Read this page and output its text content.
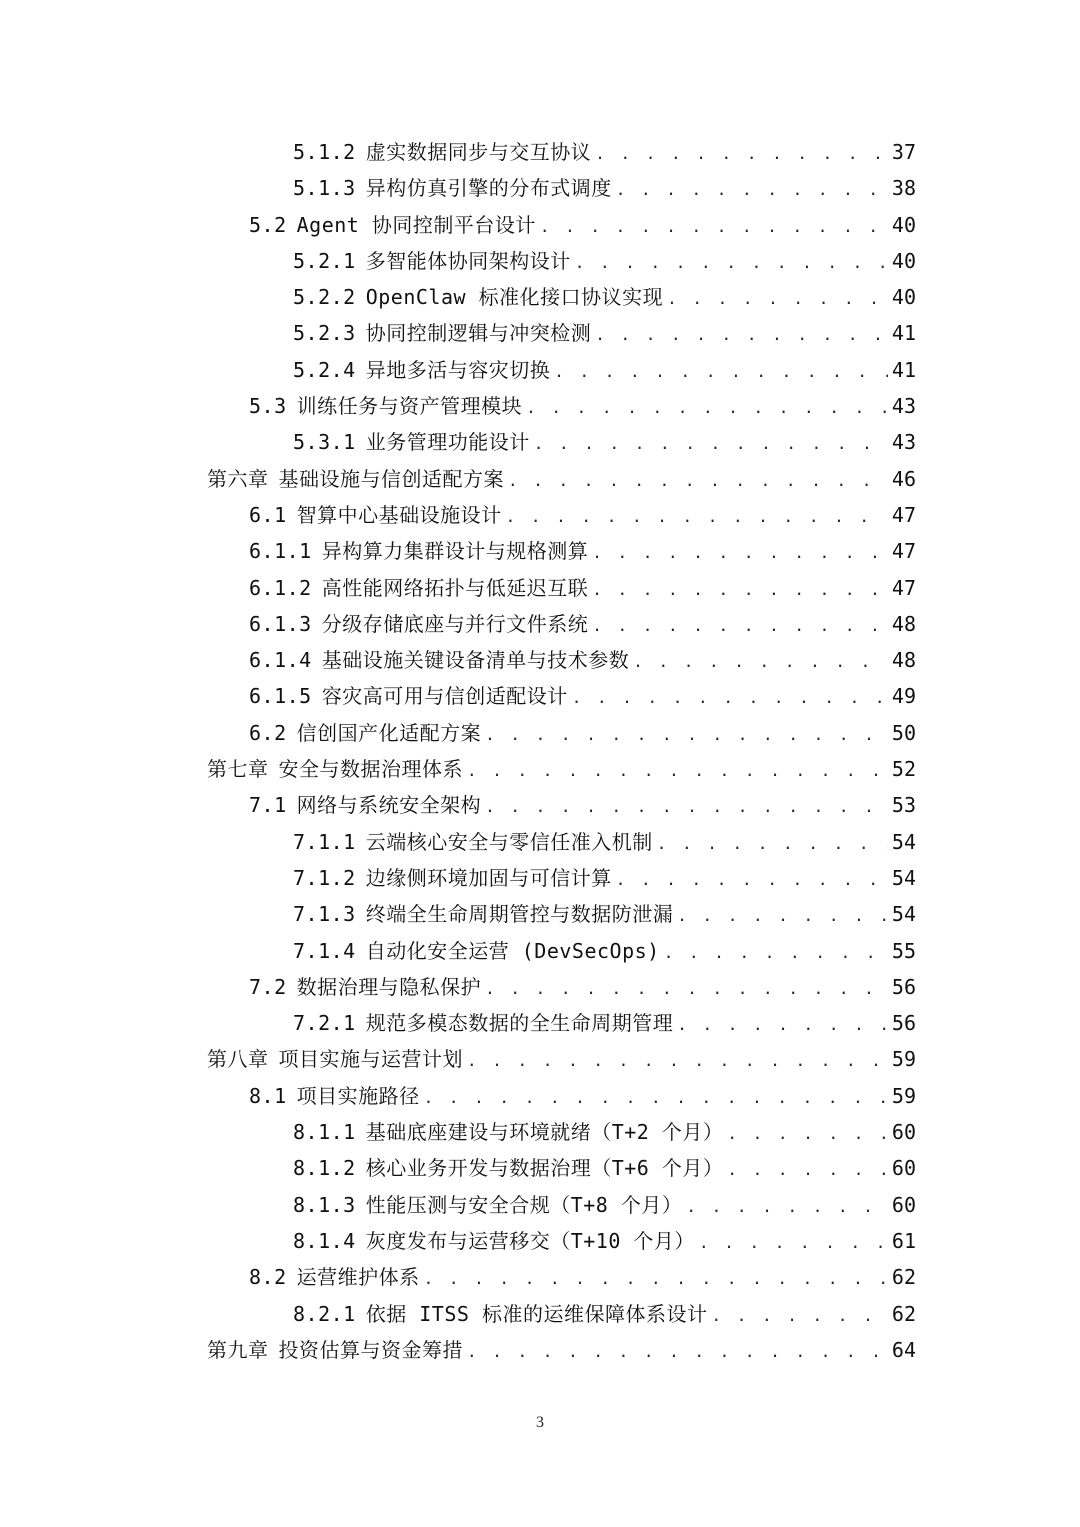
5.1.2 虚实数据同步与交互协议 . . .	37
5.1.3 异构仿真引擎的分布式调度 . . .	38
5.2 Agent 协同控制平台设计 . . .	40
5.2.1 多智能体协同架构设计 . . .	40
5.2.2 OpenClaw 标准化接口协议实现 . . .	40
5.2.3 协同控制逻辑与冲突检测 . . .	41
5.2.4 异地多活与容灾切换 . . .	41
5.3 训练任务与资产管理模块 . . .	43
5.3.1 业务管理功能设计 . . .	43
第六章 基础设施与信创适配方案 . . .	46
6.1 智算中心基础设施设计 . . .	47
6.1.1 异构算力集群设计与规格测算 . . .	47
6.1.2 高性能网络拓扑与低延迟互联 . . .	47
6.1.3 分级存储底座与并行文件系统 . . .	48
6.1.4 基础设施关键设备清单与技术参数 . . .	48
6.1.5 容灾高可用与信创适配设计 . . .	49
6.2 信创国产化适配方案 . . .	50
第七章 安全与数据治理体系 . . .	52
7.1 网络与系统安全架构 . . .	53
7.1.1 云端核心安全与零信任准入机制 . . .	54
7.1.2 边缘侧环境加固与可信计算 . . .	54
7.1.3 终端全生命周期管控与数据防泄漏 . . .	54
7.1.4 自动化安全运营 (DevSecOps) . . .	55
7.2 数据治理与隐私保护 . . .	56
7.2.1 规范多模态数据的全生命周期管理 . . .	56
第八章 项目实施与运营计划 . . .	59
8.1 项目实施路径 . . .	59
8.1.1 基础底座建设与环境就绪（T+2 个月） . . .	60
8.1.2 核心业务开发与数据治理（T+6 个月） . . .	60
8.1.3 性能压测与安全合规（T+8 个月） . . .	60
8.1.4 灰度发布与运营移交（T+10 个月） . . .	61
8.2 运营维护体系 . . .	62
8.2.1 依据 ITSS 标准的运维保障体系设计 . . .	62
第九章 投资估算与资金筹措 . . .	64
3
